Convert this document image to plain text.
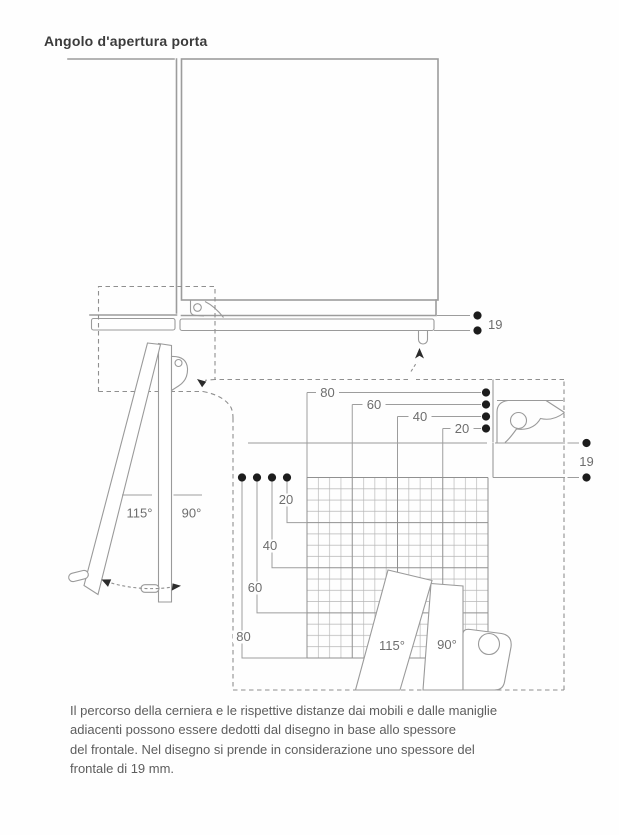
Angolo d'apertura porta
19
115° 90°
19
80
60
40
20
20
40
60
80
115° 90°
Il percorso della cerniera e le rispettive distanze dai mobili e dalle maniglie
adiacenti possono essere dedotti dal disegno in base allo spessore
del frontale. Nel disegno si prende in considerazione uno spessore del
frontale di 19 mm.
